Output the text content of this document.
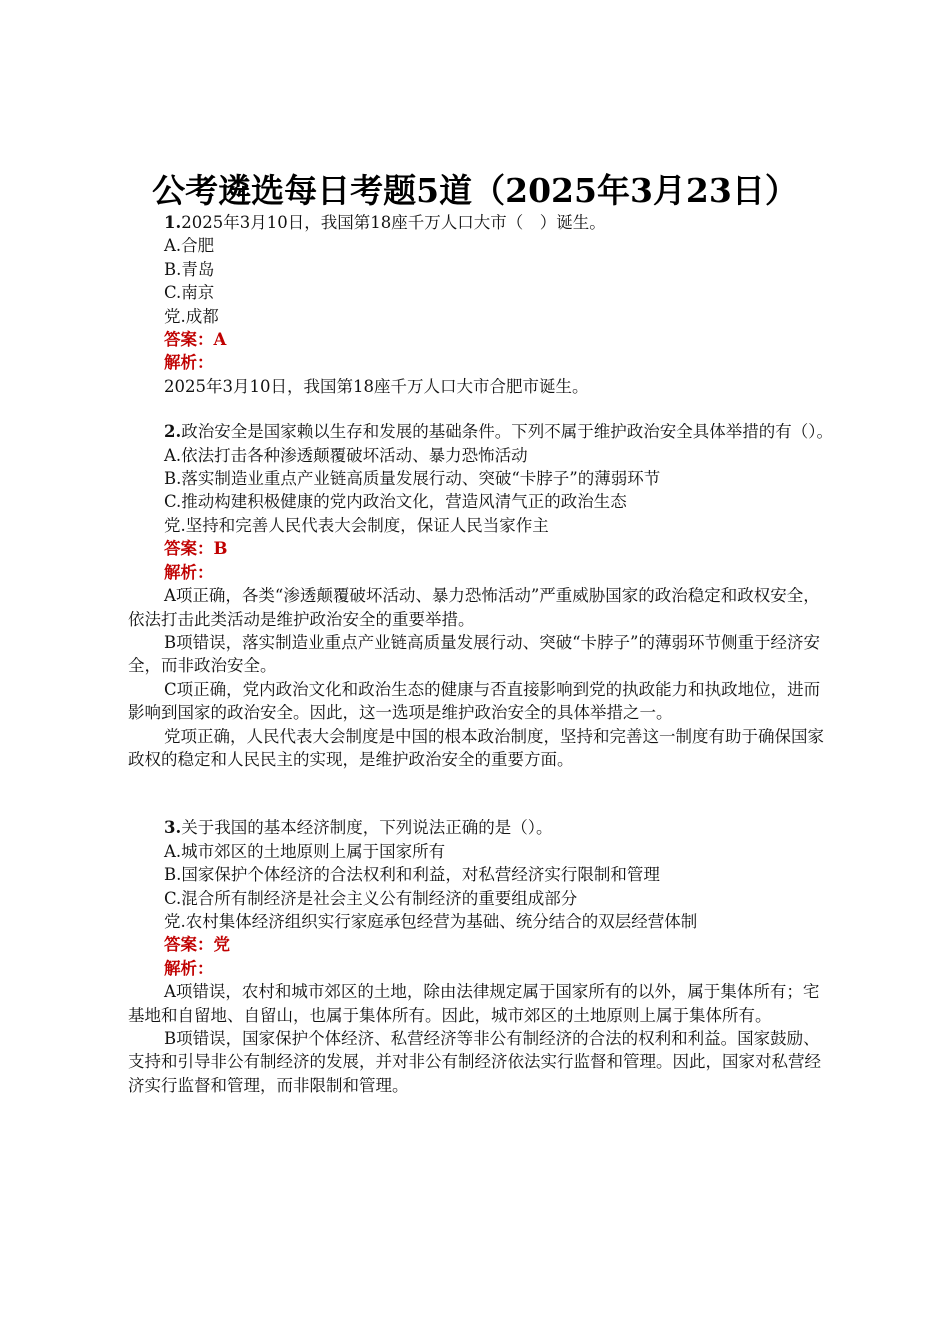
公考遴选每日考题5道（2025年3月23日）

1.2025年3月10日，我国第18座千万人口大市（　）诞生。

A.合肥

B.青岛

C.南京

党.成都

答案：A

解析：

2025年3月10日，我国第18座千万人口大市合肥市诞生。

2.政治安全是国家赖以生存和发展的基础条件。下列不属于维护政治安全具体举措的有（）。

A.依法打击各种渗透颠覆破坏活动、暴力恐怖活动

B.落实制造业重点产业链高质量发展行动、突破“卡脖子”的薄弱环节

C.推动构建积极健康的党内政治文化，营造风清气正的政治生态

党.坚持和完善人民代表大会制度，保证人民当家作主

答案：B

解析：

A项正确，各类“渗透颠覆破坏活动、暴力恐怖活动”严重威胁国家的政治稳定和政权安全，依法打击此类活动是维护政治安全的重要举措。

B项错误，落实制造业重点产业链高质量发展行动、突破“卡脖子”的薄弱环节侧重于经济安全，而非政治安全。

C项正确，党内政治文化和政治生态的健康与否直接影响到党的执政能力和执政地位，进而影响到国家的政治安全。因此，这一选项是维护政治安全的具体举措之一。

党项正确，人民代表大会制度是中国的根本政治制度，坚持和完善这一制度有助于确保国家政权的稳定和人民民主的实现，是维护政治安全的重要方面。

3.关于我国的基本经济制度，下列说法正确的是（）。

A.城市郊区的土地原则上属于国家所有

B.国家保护个体经济的合法权利和利益，对私营经济实行限制和管理

C.混合所有制经济是社会主义公有制经济的重要组成部分

党.农村集体经济组织实行家庭承包经营为基础、统分结合的双层经营体制

答案：党

解析：

A项错误，农村和城市郊区的土地，除由法律规定属于国家所有的以外，属于集体所有；宅基地和自留地、自留山，也属于集体所有。因此，城市郊区的土地原则上属于集体所有。

B项错误，国家保护个体经济、私营经济等非公有制经济的合法的权利和利益。国家鼓励、支持和引导非公有制经济的发展，并对非公有制经济依法实行监督和管理。因此，国家对私营经济实行监督和管理，而非限制和管理。
